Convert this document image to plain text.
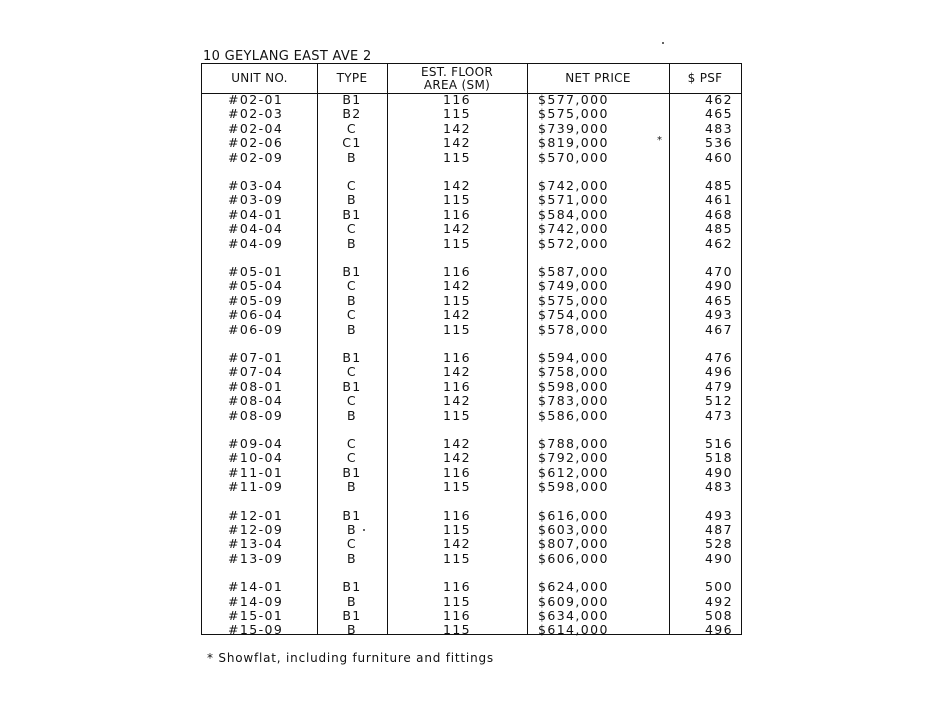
10 GEYLANG EAST AVE 2
UNIT NO.	TYPE	EST. FLOOR AREA (SM)	NET PRICE	$ PSF
#02-01	B1	116	$577,000	462
#02-03	B2	115	$575,000	465
#02-04	C	142	$739,000	483
#02-06	C1	142	$819,000	536
*
#02-09	B	115	$570,000	460
#03-04	C	142	$742,000	485
#03-09	B	115	$571,000	461
#04-01	B1	116	$584,000	468
#04-04	C	142	$742,000	485
#04-09	B	115	$572,000	462
#05-01	B1	116	$587,000	470
#05-04	C	142	$749,000	490
#05-09	B	115	$575,000	465
#06-04	C	142	$754,000	493
#06-09	B	115	$578,000	467
#07-01	B1	116	$594,000	476
#07-04	C	142	$758,000	496
#08-01	B1	116	$598,000	479
#08-04	C	142	$783,000	512
#08-09	B	115	$586,000	473
#09-04	C	142	$788,000	516
#10-04	C	142	$792,000	518
#11-01	B1	116	$612,000	490
#11-09	B	115	$598,000	483
#12-01	B1	116	$616,000	493
#12-09	B	115	$603,000	487
#13-04	C	142	$807,000	528
#13-09	B	115	$606,000	490
#14-01	B1	116	$624,000	500
#14-09	B	115	$609,000	492
#15-01	B1	116	$634,000	508
#15-09	B	115	$614,000	496
* Showflat, including furniture and fittings
